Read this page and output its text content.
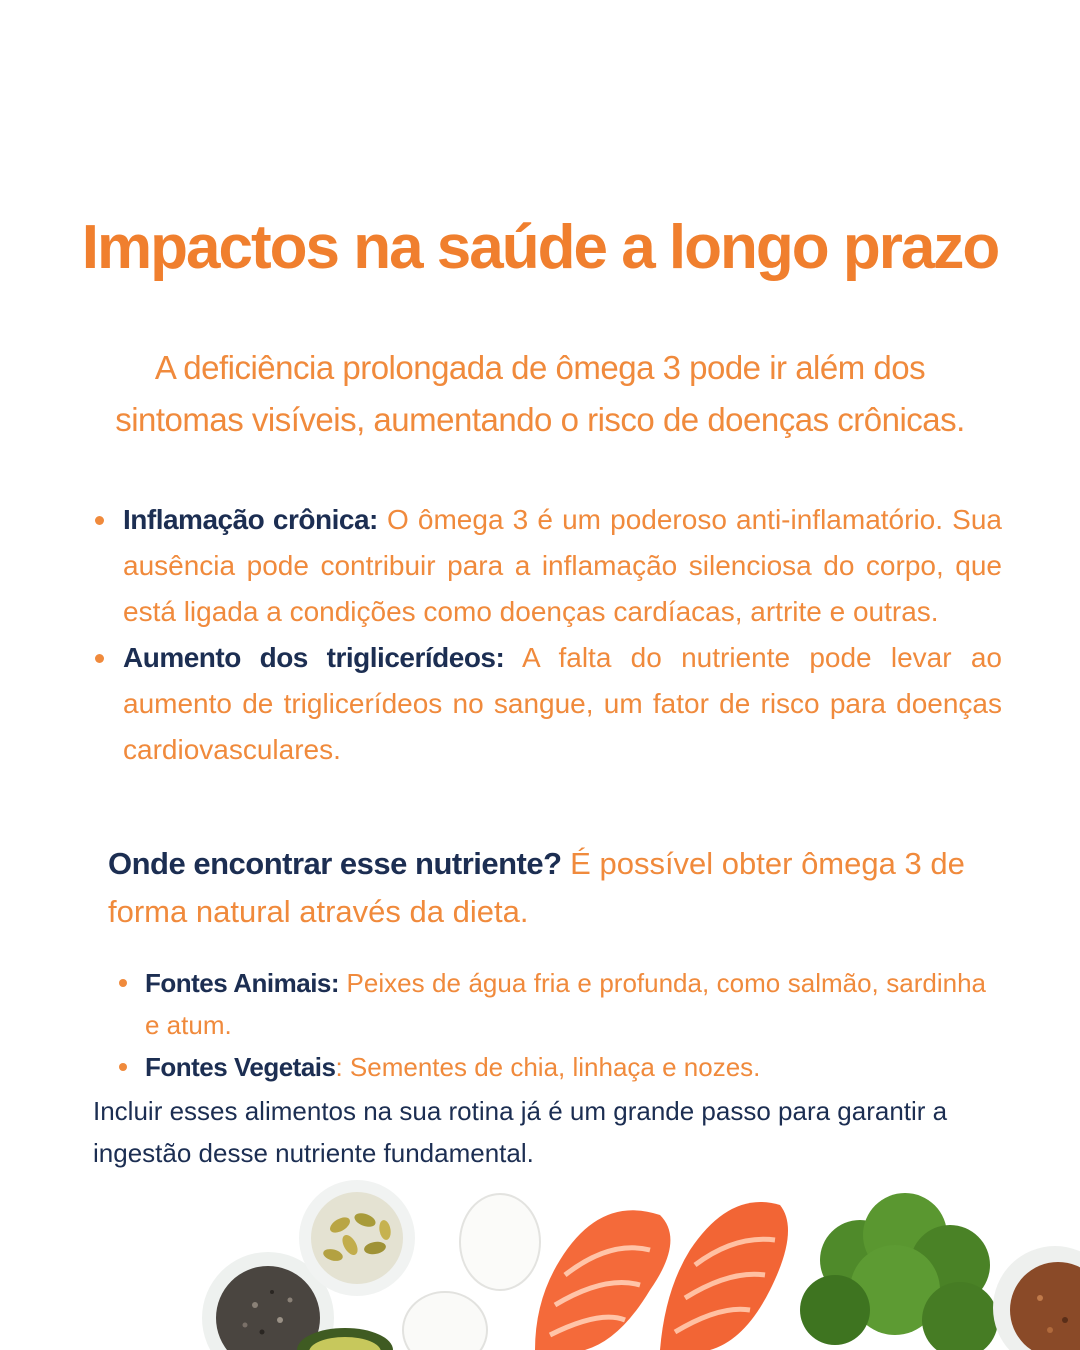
Impactos na saúde a longo prazo
A deficiência prolongada de ômega 3 pode ir além dos
sintomas visíveis, aumentando o risco de doenças crônicas.
Inflamação crônica: O ômega 3 é um poderoso anti-inflamatório. Sua ausência pode contribuir para a inflamação silenciosa do corpo, que está ligada a condições como doenças cardíacas, artrite e outras.
Aumento dos triglicerídeos: A falta do nutriente pode levar ao aumento de triglicerídeos no sangue, um fator de risco para doenças cardiovasculares.
Onde encontrar esse nutriente? É possível obter ômega 3 de forma natural através da dieta.
Fontes Animais: Peixes de água fria e profunda, como salmão, sardinha e atum.
Fontes Vegetais: Sementes de chia, linhaça e nozes.
Incluir esses alimentos na sua rotina já é um grande passo para garantir a ingestão desse nutriente fundamental.
